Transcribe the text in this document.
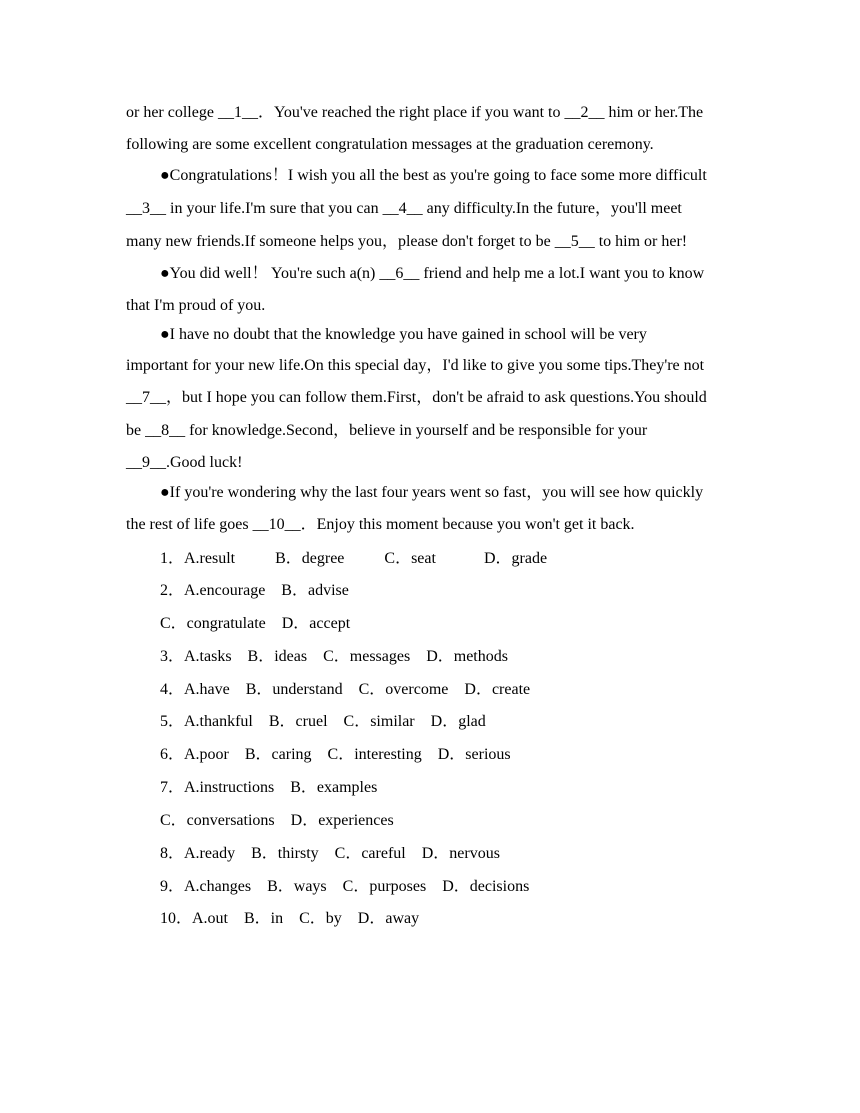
or her college __1__．You've reached the right place if you want to __2__ him or her.The
following are some excellent congratulation messages at the graduation ceremony.
●Congratulations！I wish you all the best as you're going to face some more difficult
__3__ in your life.I'm sure that you can __4__ any difficulty.In the future，you'll meet
many new friends.If someone helps you，please don't forget to be __5__ to him or her!
●You did well！ You're such a(n) __6__ friend and help me a lot.I want you to know
that I'm proud of you.
●I have no doubt that the knowledge you have gained in school will be very
important for your new life.On this special day，I'd like to give you some tips.They're not
__7__，but I hope you can follow them.First，don't be afraid to ask questions.You should
be __8__ for knowledge.Second，believe in yourself and be responsible for your
__9__.Good luck!
●If you're wondering why the last four years went so fast，you will see how quickly
the rest of life goes __10__．Enjoy this moment because you won't get it back.
1．A.result          B．degree          C．seat            D．grade
2．A.encourage    B．advise
C．congratulate    D．accept
3．A.tasks    B．ideas    C．messages    D．methods
4．A.have    B．understand    C．overcome    D．create
5．A.thankful    B．cruel    C．similar    D．glad
6．A.poor    B．caring    C．interesting    D．serious
7．A.instructions    B．examples
C．conversations    D．experiences
8．A.ready    B．thirsty    C．careful    D．nervous
9．A.changes    B．ways    C．purposes    D．decisions
10．A.out    B．in    C．by    D．away
